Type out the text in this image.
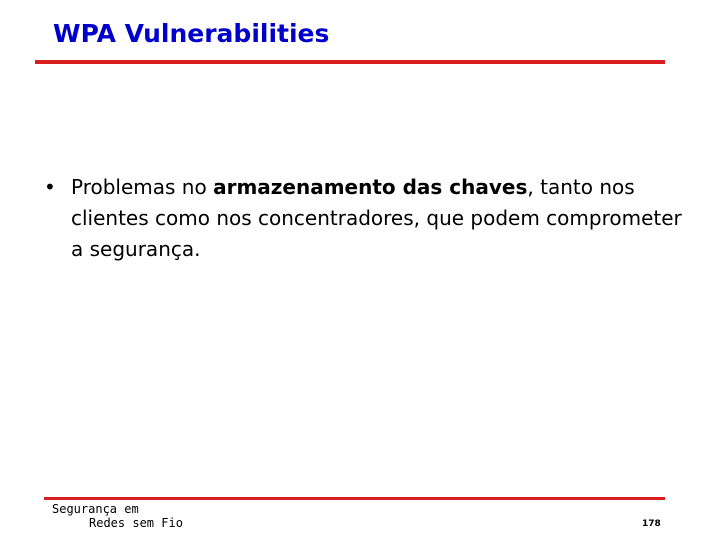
WPA Vulnerabilities
• Problemas no armazenamento das chaves, tanto nos clientes como nos concentradores, que podem comprometer a segurança.
Segurança em
Redes sem Fio	178
